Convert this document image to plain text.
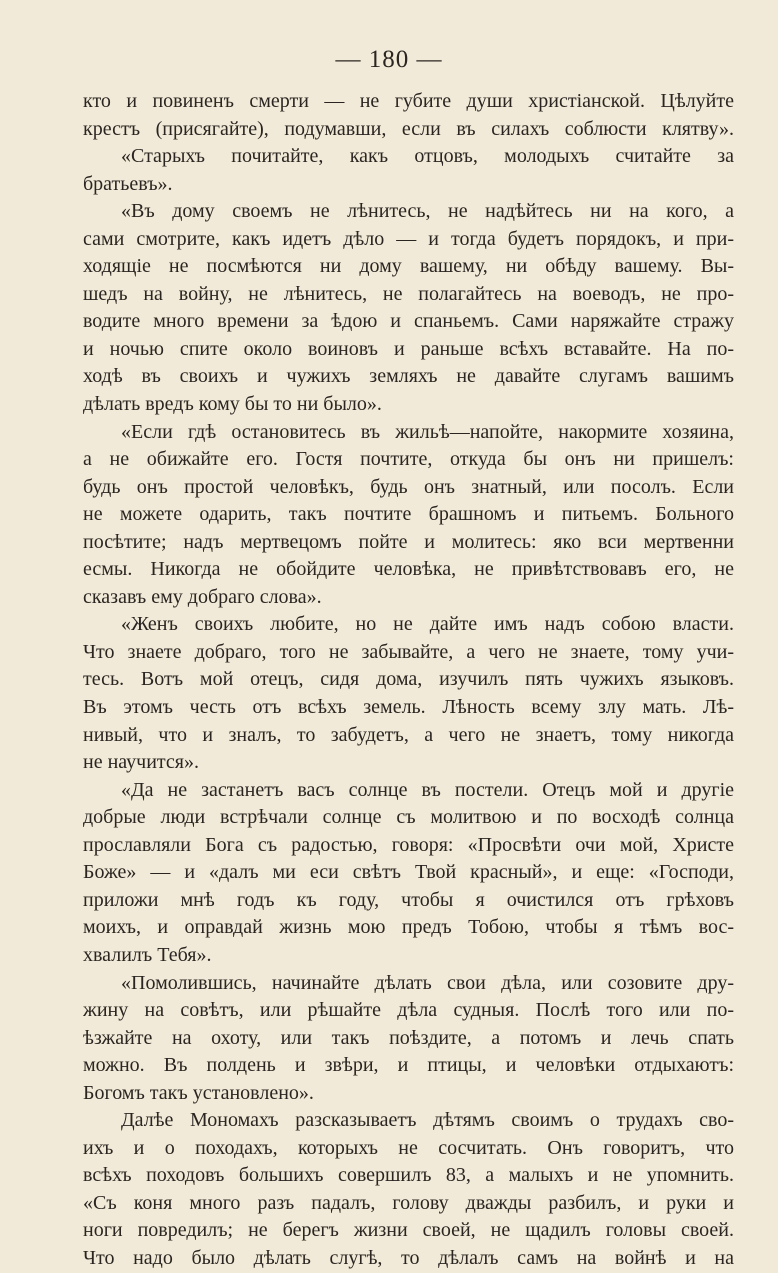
— 180 —
кто и повиненъ смерти — не губите души христіанской. Цѣлуйте
крестъ (присягайте), подумавши, если въ силахъ соблюсти клятву».
«Старыхъ почитайте, какъ отцовъ, молодыхъ считайте за
братьевъ».
«Въ дому своемъ не лѣнитесь, не надѣйтесь ни на кого, а
сами смотрите, какъ идетъ дѣло — и тогда будетъ порядокъ, и при-
ходящіе не посмѣются ни дому вашему, ни обѣду вашему. Вы-
шедъ на войну, не лѣнитесь, не полагайтесь на воеводъ, не про-
водите много времени за ѣдою и спаньемъ. Сами наряжайте стражу
и ночью спите около воиновъ и раньше всѣхъ вставайте. На по-
ходѣ въ своихъ и чужихъ земляхъ не давайте слугамъ вашимъ
дѣлать вредъ кому бы то ни было».
«Если гдѣ остановитесь въ жильѣ—напойте, накормите хозяина,
а не обижайте его. Гостя почтите, откуда бы онъ ни пришелъ:
будь онъ простой человѣкъ, будь онъ знатный, или посолъ. Если
не можете одарить, такъ почтите брашномъ и питьемъ. Больного
посѣтите; надъ мертвецомъ пойте и молитесь: яко вси мертвенни
есмы. Никогда не обойдите человѣка, не привѣтствовавъ его, не
сказавъ ему добраго слова».
«Женъ своихъ любите, но не дайте имъ надъ собою власти.
Что знаете добраго, того не забывайте, а чего не знаете, тому учи-
тесь. Вотъ мой отецъ, сидя дома, изучилъ пять чужихъ языковъ.
Въ этомъ честь отъ всѣхъ земель. Лѣность всему злу мать. Лѣ-
нивый, что и зналъ, то забудетъ, а чего не знаетъ, тому никогда
не научится».
«Да не застанетъ васъ солнце въ постели. Отецъ мой и другіе
добрые люди встрѣчали солнце съ молитвою и по восходѣ солнца
прославляли Бога съ радостью, говоря: «Просвѣти очи мой, Христе
Боже» — и «далъ ми еси свѣтъ Твой красный», и еще: «Господи,
приложи мнѣ годъ къ году, чтобы я очистился отъ грѣховъ
моихъ, и оправдай жизнь мою предъ Тобою, чтобы я тѣмъ вос-
хвалилъ Тебя».
«Помолившись, начинайте дѣлать свои дѣла, или созовите дру-
жину на совѣтъ, или рѣшайте дѣла судныя. Послѣ того или по-
ѣзжайте на охоту, или такъ поѣздите, а потомъ и лечь спать
можно. Въ полдень и звѣри, и птицы, и человѣки отдыхаютъ:
Богомъ такъ установлено».
Далѣе Мономахъ разсказываетъ дѣтямъ своимъ о трудахъ сво-
ихъ и о походахъ, которыхъ не сосчитать. Онъ говоритъ, что
всѣхъ походовъ большихъ совершилъ 83, а малыхъ и не упомнить.
«Съ коня много разъ падалъ, голову дважды разбилъ, и руки и
ноги повредилъ; не берегъ жизни своей, не щадилъ головы своей.
Что надо было дѣлать слугѣ, то дѣлалъ самъ на войнѣ и на
